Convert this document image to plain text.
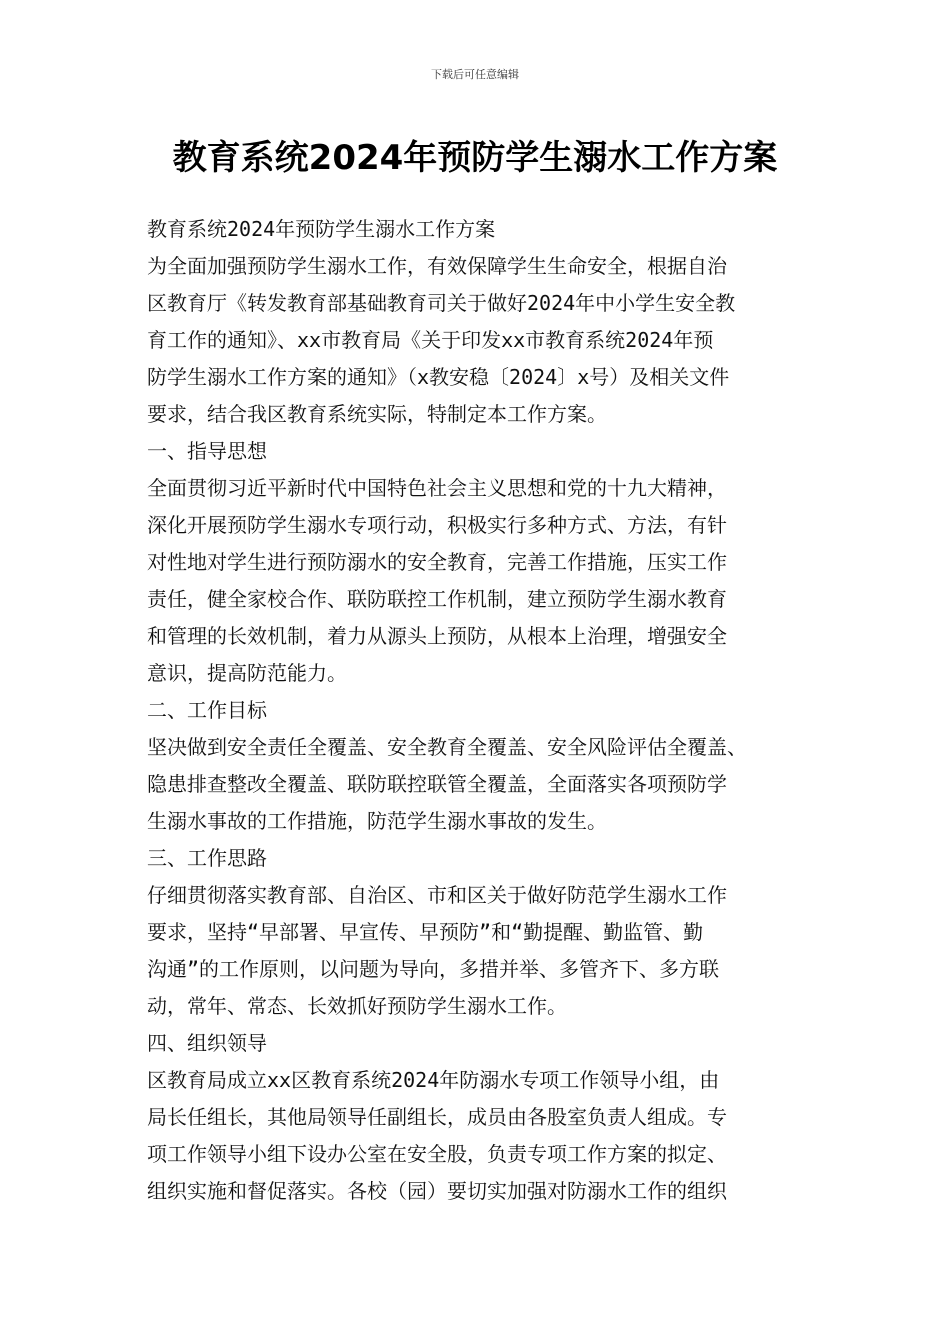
下载后可任意编辑
教育系统2024年预防学生溺水工作方案
教育系统2024年预防学生溺水工作方案
为全面加强预防学生溺水工作，有效保障学生生命安全，根据自治
区教育厅《转发教育部基础教育司关于做好2024年中小学生安全教
育工作的通知》、xx市教育局《关于印发xx市教育系统2024年预
防学生溺水工作方案的通知》（x教安稳〔2024〕x号）及相关文件
要求，结合我区教育系统实际，特制定本工作方案。
一、指导思想
全面贯彻习近平新时代中国特色社会主义思想和党的十九大精神，
深化开展预防学生溺水专项行动，积极实行多种方式、方法，有针
对性地对学生进行预防溺水的安全教育，完善工作措施，压实工作
责任，健全家校合作、联防联控工作机制，建立预防学生溺水教育
和管理的长效机制，着力从源头上预防，从根本上治理，增强安全
意识，提高防范能力。
二、工作目标
坚决做到安全责任全覆盖、安全教育全覆盖、安全风险评估全覆盖、
隐患排查整改全覆盖、联防联控联管全覆盖，全面落实各项预防学
生溺水事故的工作措施，防范学生溺水事故的发生。
三、工作思路
仔细贯彻落实教育部、自治区、市和区关于做好防范学生溺水工作
要求，坚持“早部署、早宣传、早预防”和“勤提醒、勤监管、勤
沟通”的工作原则，以问题为导向，多措并举、多管齐下、多方联
动，常年、常态、长效抓好预防学生溺水工作。
四、组织领导
区教育局成立xx区教育系统2024年防溺水专项工作领导小组，由
局长任组长，其他局领导任副组长，成员由各股室负责人组成。专
项工作领导小组下设办公室在安全股，负责专项工作方案的拟定、
组织实施和督促落实。各校（园）要切实加强对防溺水工作的组织
